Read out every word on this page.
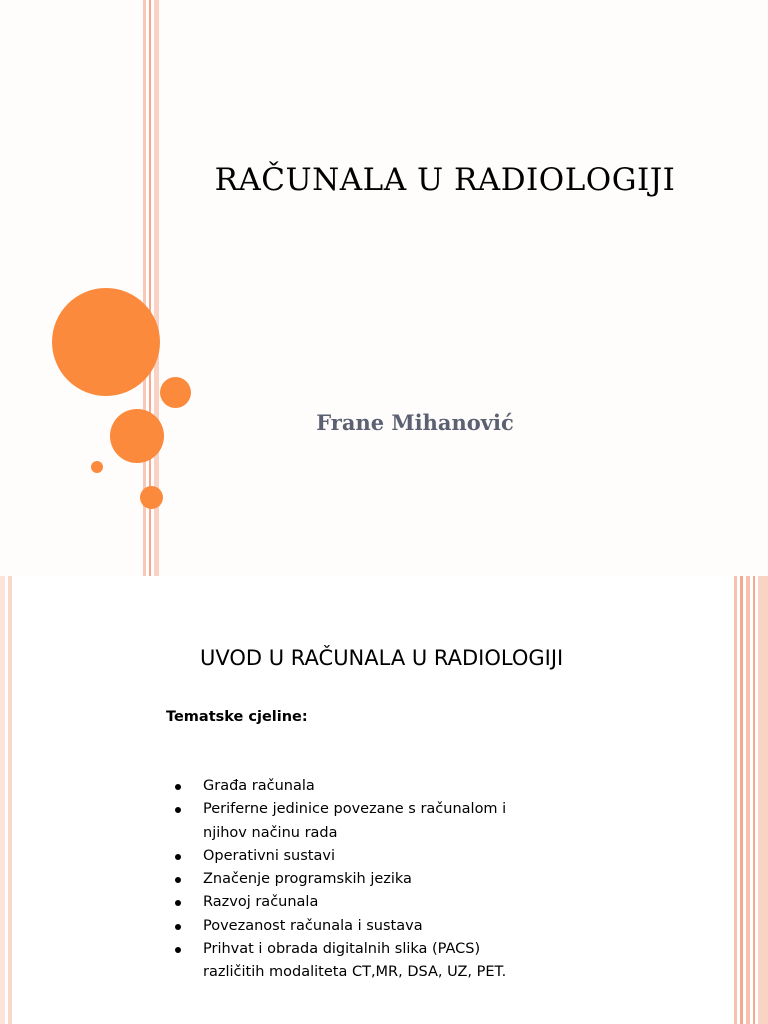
RAČUNALA U RADIOLOGIJI
Frane Mihanović
UVOD U RAČUNALA U RADIOLOGIJI
Tematske cjeline:
Građa računala
Periferne jedinice povezane s računalom i
njihov načinu rada
Operativni sustavi
Značenje programskih jezika
Razvoj računala
Povezanost računala i sustava
Prihvat i obrada digitalnih slika (PACS)
različitih modaliteta CT,MR, DSA, UZ, PET.
